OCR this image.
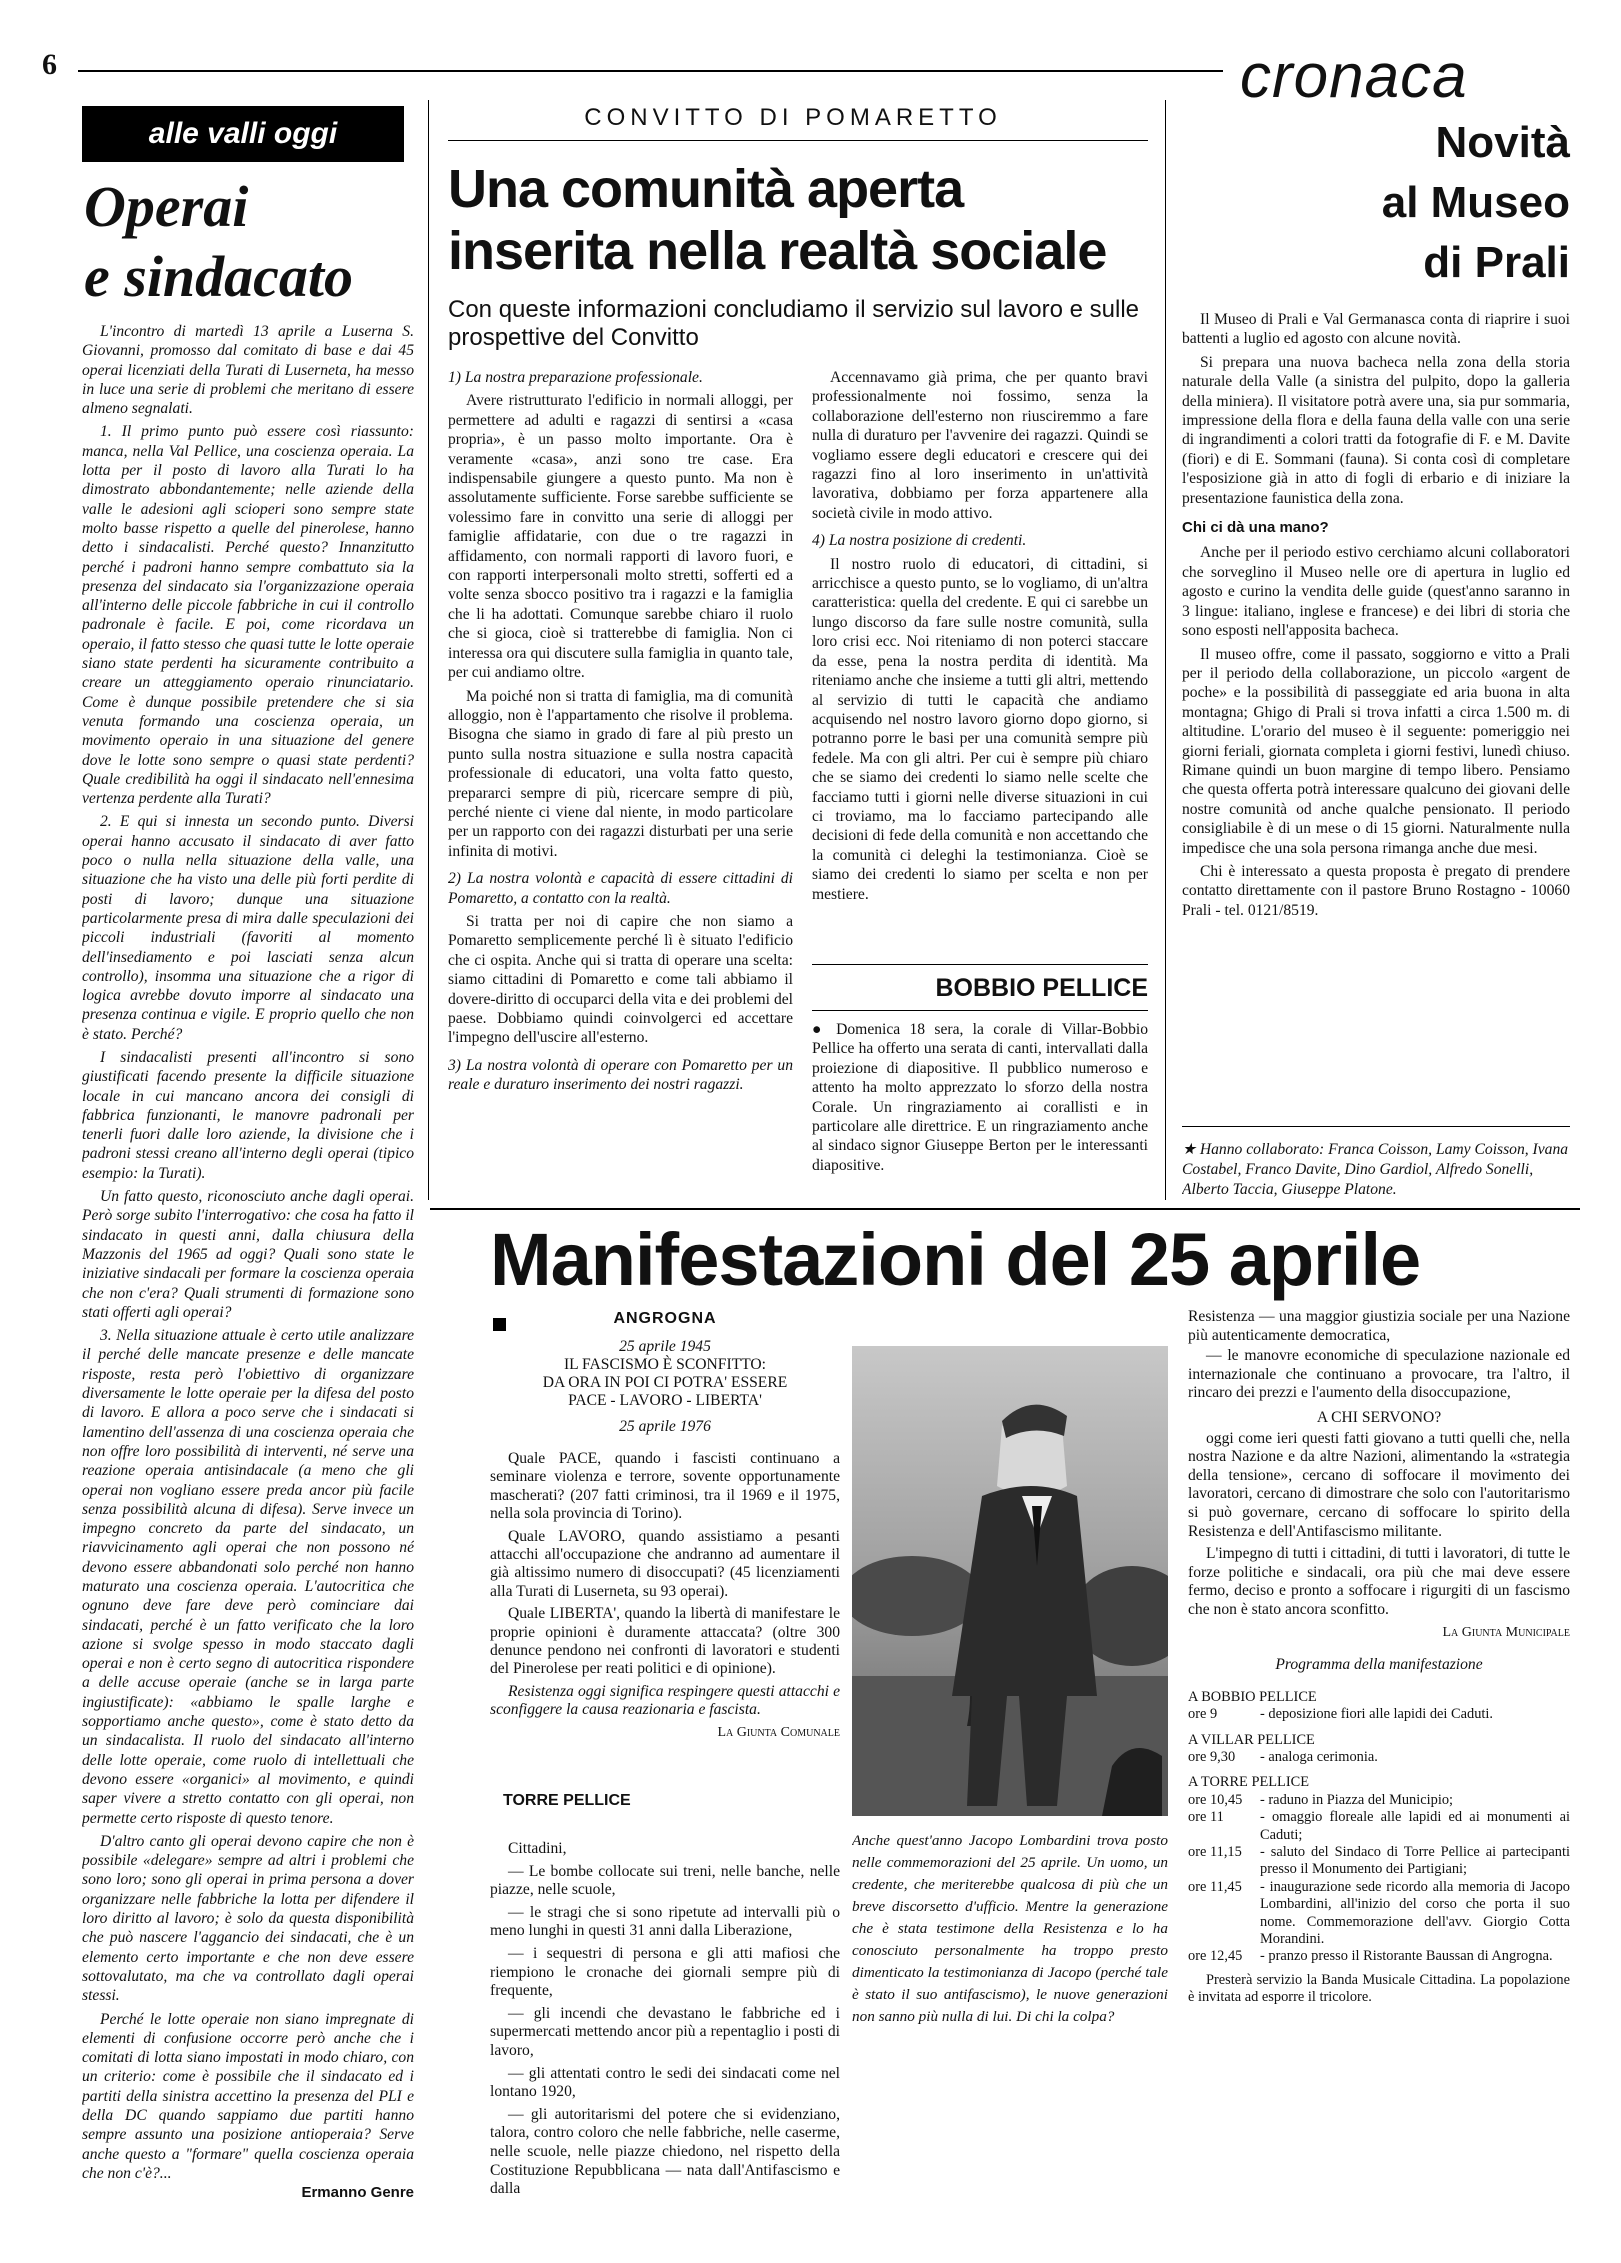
6	cronaca
alle valli oggi
Operai
e sindacato

L'incontro di martedì 13 aprile a Luserna S. Giovanni, promosso dal comitato di base e dai 45 operai licenziati della Turati di Luserneta, ha messo in luce una serie di problemi che meritano di essere almeno segnalati.

1. Il primo punto può essere così riassunto: manca, nella Val Pellice, una coscienza operaia. La lotta per il posto di lavoro alla Turati lo ha dimostrato abbondantemente; nelle aziende della valle le adesioni agli scioperi sono sempre state molto basse rispetto a quelle del pinerolese, hanno detto i sindacalisti. Perché questo? Innanzitutto perché i padroni hanno sempre combattuto sia la presenza del sindacato sia l'organizzazione operaia all'interno delle piccole fabbriche in cui il controllo padronale è facile. E poi, come ricordava un operaio, il fatto stesso che quasi tutte le lotte operaie siano state perdenti ha sicuramente contribuito a creare un atteggiamento operaio rinunciatario. Come è dunque possibile pretendere che si sia venuta formando una coscienza operaia, un movimento operaio in una situazione del genere dove le lotte sono sempre o quasi state perdenti? Quale credibilità ha oggi il sindacato nell'ennesima vertenza perdente alla Turati?

2. E qui si innesta un secondo punto. Diversi operai hanno accusato il sindacato di aver fatto poco o nulla nella situazione della valle, una situazione che ha visto una delle più forti perdite di posti di lavoro; dunque una situazione particolarmente presa di mira dalle speculazioni dei piccoli industriali (favoriti al momento dell'insediamento e poi lasciati senza alcun controllo), insomma una situazione che a rigor di logica avrebbe dovuto imporre al sindacato una presenza continua e vigile. E proprio quello che non è stato. Perché?

I sindacalisti presenti all'incontro si sono giustificati facendo presente la difficile situazione locale in cui mancano ancora dei consigli di fabbrica funzionanti, le manovre padronali per tenerli fuori dalle loro aziende, la divisione che i padroni stessi creano all'interno degli operai (tipico esempio: la Turati).

Un fatto questo, riconosciuto anche dagli operai. Però sorge subito l'interrogativo: che cosa ha fatto il sindacato in questi anni, dalla chiusura della Mazzonis del 1965 ad oggi? Quali sono state le iniziative sindacali per formare la coscienza operaia che non c'era? Quali strumenti di formazione sono stati offerti agli operai?

3. Nella situazione attuale è certo utile analizzare il perché delle mancate presenze e delle mancate risposte, resta però l'obiettivo di organizzare diversamente le lotte operaie per la difesa del posto di lavoro. E allora a poco serve che i sindacati si lamentino dell'assenza di una coscienza operaia che non offre loro possibilità di interventi, né serve una reazione operaia antisindacale (a meno che gli operai non vogliano essere preda ancor più facile senza possibilità alcuna di difesa). Serve invece un impegno concreto da parte del sindacato, un riavvicinamento agli operai che non possono né devono essere abbandonati solo perché non hanno maturato una coscienza operaia. L'autocritica che ognuno deve fare deve però cominciare dai sindacati, perché è un fatto verificato che la loro azione si svolge spesso in modo staccato dagli operai e non è certo segno di autocritica rispondere a delle accuse operaie (anche se in larga parte ingiustificate): «abbiamo le spalle larghe e sopportiamo anche questo», come è stato detto da un sindacalista. Il ruolo del sindacato all'interno delle lotte operaie, come ruolo di intellettuali che devono essere «organici» al movimento, e quindi saper vivere a stretto contatto con gli operai, non permette certo risposte di questo tenore.

D'altro canto gli operai devono capire che non è possibile «delegare» sempre ad altri i problemi che sono loro; sono gli operai in prima persona a dover organizzare nelle fabbriche la lotta per difendere il loro diritto al lavoro; è solo da questa disponibilità che può nascere l'aggancio dei sindacati, che è un elemento certo importante e che non deve essere sottovalutato, ma che va controllato dagli operai stessi.

Perché le lotte operaie non siano impregnate di elementi di confusione occorre però anche che i comitati di lotta siano impostati in modo chiaro, con un criterio: come è possibile che il sindacato ed i partiti della sinistra accettino la presenza del PLI e della DC quando sappiamo due partiti hanno sempre assunto una posizione antioperaia? Serve anche questo a "formare" quella coscienza operaia che non c'è?...

Ermanno Genre
CONVITTO DI POMARETTO
Una comunità aperta
inserita nella realtà sociale
Con queste informazioni concludiamo il servizio sul lavoro e sulle prospettive del Convitto

1) La nostra preparazione professionale.

Avere ristrutturato l'edificio in normali alloggi, per permettere ad adulti e ragazzi di sentirsi a «casa propria», è un passo molto importante. Ora è veramente «casa», anzi sono tre case. Era indispensabile giungere a questo punto. Ma non è assolutamente sufficiente. Forse sarebbe sufficiente se volessimo fare in convitto una serie di alloggi per famiglie affidatarie, con due o tre ragazzi in affidamento, con normali rapporti di lavoro fuori, e con rapporti interpersonali molto stretti, sofferti ed a volte senza sbocco positivo tra i ragazzi e la famiglia che li ha adottati. Comunque sarebbe chiaro il ruolo che si gioca, cioè si tratterebbe di famiglia. Non ci interessa ora qui discutere sulla famiglia in quanto tale, per cui andiamo oltre.

Ma poiché non si tratta di famiglia, ma di comunità alloggio, non è l'appartamento che risolve il problema. Bisogna che siamo in grado di fare al più presto un punto sulla nostra situazione e sulla nostra capacità professionale di educatori, una volta fatto questo, prepararci sempre di più, ricercare sempre di più, perché niente ci viene dal niente, in modo particolare per un rapporto con dei ragazzi disturbati per una serie infinita di motivi.

2) La nostra volontà e capacità di essere cittadini di Pomaretto, a contatto con la realtà.

Si tratta per noi di capire che non siamo a Pomaretto semplicemente perché lì è situato l'edificio che ci ospita. Anche qui si tratta di operare una scelta: siamo cittadini di Pomaretto e come tali abbiamo il dovere-diritto di occuparci della vita e dei problemi del paese. Dobbiamo quindi coinvolgerci ed accettare l'impegno dell'uscire all'esterno.

3) La nostra volontà di operare con Pomaretto per un reale e duraturo inserimento dei nostri ragazzi.

Accennavamo già prima, che per quanto bravi professionalmente noi fossimo, senza la collaborazione dell'esterno non riusciremmo a fare nulla di duraturo per l'avvenire dei ragazzi. Quindi se vogliamo essere degli educatori e crescere qui dei ragazzi fino al loro inserimento in un'attività lavorativa, dobbiamo per forza appartenere alla società civile in modo attivo.

4) La nostra posizione di credenti.

Il nostro ruolo di educatori, di cittadini, si arricchisce a questo punto, se lo vogliamo, di un'altra caratteristica: quella del credente. E qui ci sarebbe un lungo discorso da fare sulle nostre comunità, sulla loro crisi ecc. Noi riteniamo di non poterci staccare da esse, pena la nostra perdita di identità. Ma riteniamo anche che insieme a tutti gli altri, mettendo al servizio di tutti le capacità che andiamo acquisendo nel nostro lavoro giorno dopo giorno, si potranno porre le basi per una comunità sempre più fedele. Ma con gli altri. Per cui è sempre più chiaro che se siamo dei credenti lo siamo nelle scelte che facciamo tutti i giorni nelle diverse situazioni in cui ci troviamo, ma lo facciamo partecipando alle decisioni di fede della comunità e non accettando che la comunità ci deleghi la testimonianza. Cioè se siamo dei credenti lo siamo per scelta e non per mestiere.

BOBBIO PELLICE
● Domenica 18 sera, la corale di Villar-Bobbio Pellice ha offerto una serata di canti, intervallati dalla proiezione di diapositive. Il pubblico numeroso e attento ha molto apprezzato lo sforzo della nostra Corale. Un ringraziamento ai corallisti e in particolare alle direttrice. E un ringraziamento anche al sindaco signor Giuseppe Berton per le interessanti diapositive.
Novità
al Museo
di Prali

Il Museo di Prali e Val Germanasca conta di riaprire i suoi battenti a luglio ed agosto con alcune novità.

Si prepara una nuova bacheca nella zona della storia naturale della Valle (a sinistra del pulpito, dopo la galleria della miniera). Il visitatore potrà avere una, sia pur sommaria, impressione della flora e della fauna della valle con una serie di ingrandimenti a colori tratti da fotografie di F. e M. Davite (fiori) e di E. Sommani (fauna). Si conta così di completare l'esposizione già in atto di fogli di erbario e di iniziare la presentazione faunistica della zona.

Chi ci dà una mano?

Anche per il periodo estivo cerchiamo alcuni collaboratori che sorveglino il Museo nelle ore di apertura in luglio ed agosto e curino la vendita delle guide (quest'anno saranno in 3 lingue: italiano, inglese e francese) e dei libri di storia che sono esposti nell'apposita bacheca.

Il museo offre, come il passato, soggiorno e vitto a Prali per il periodo della collaborazione, un piccolo «argent de poche» e la possibilità di passeggiate ed aria buona in alta montagna; Ghigo di Prali si trova infatti a circa 1.500 m. di altitudine. L'orario del museo è il seguente: pomeriggio nei giorni feriali, giornata completa i giorni festivi, lunedì chiuso. Rimane quindi un buon margine di tempo libero. Pensiamo che questa offerta potrà interessare qualcuno dei giovani delle nostre comunità od anche qualche pensionato. Il periodo consigliabile è di un mese o di 15 giorni. Naturalmente nulla impedisce che una sola persona rimanga anche due mesi.

Chi è interessato a questa proposta è pregato di prendere contatto direttamente con il pastore Bruno Rostagno - 10060 Prali - tel. 0121/8519.

★ Hanno collaborato: Franca Coisson, Lamy Coisson, Ivana Costabel, Franco Davite, Dino Gardiol, Alfredo Sonelli, Alberto Taccia, Giuseppe Platone.
Manifestazioni del 25 aprile
ANGROGNA
25 aprile 1945
IL FASCISMO È SCONFITTO:
DA ORA IN POI CI POTRA' ESSERE
PACE - LAVORO - LIBERTA'
25 aprile 1976

Quale PACE, quando i fascisti continuano a seminare violenza e terrore, sovente opportunamente mascherati? (207 fatti criminosi, tra il 1969 e il 1975, nella sola provincia di Torino).

Quale LAVORO, quando assistiamo a pesanti attacchi all'occupazione che andranno ad aumentare il già altissimo numero di disoccupati? (45 licenziamenti alla Turati di Luserneta, su 93 operai).

Quale LIBERTA', quando la libertà di manifestare le proprie opinioni è duramente attaccata? (oltre 300 denunce pendono nei confronti di lavoratori e studenti del Pinerolese per reati politici e di opinione).

Resistenza oggi significa respingere questi attacchi e sconfiggere la causa reazionaria e fascista.

La Giunta Comunale
TORRE PELLICE

Cittadini,

— Le bombe collocate sui treni, nelle banche, nelle piazze, nelle scuole,

— le stragi che si sono ripetute ad intervalli più o meno lunghi in questi 31 anni dalla Liberazione,

— i sequestri di persona e gli atti mafiosi che riempiono le cronache dei giornali sempre più di frequente,

— gli incendi che devastano le fabbriche ed i supermercati mettendo ancor più a repentaglio i posti di lavoro,

— gli attentati contro le sedi dei sindacati come nel lontano 1920,

— gli autoritarismi del potere che si evidenziano, talora, contro coloro che nelle fabbriche, nelle caserme, nelle scuole, nelle piazze chiedono, nel rispetto della Costituzione Repubblicana — nata dall'Antifascismo e dalla

Anche quest'anno Jacopo Lombardini trova posto nelle commemorazioni del 25 aprile. Un uomo, un credente, che meriterebbe qualcosa di più che un breve discorsetto d'ufficio. Mentre la generazione che è stata testimone della Resistenza e lo ha conosciuto personalmente ha troppo presto dimenticato la testimonianza di Jacopo (perché tale è stato il suo antifascismo), le nuove generazioni non sanno più nulla di lui. Di chi la colpa?

Resistenza — una maggior giustizia sociale per una Nazione più autenticamente democratica,

— le manovre economiche di speculazione nazionale ed internazionale che continuano a provocare, tra l'altro, il rincaro dei prezzi e l'aumento della disoccupazione,

A CHI SERVONO?

oggi come ieri questi fatti giovano a tutti quelli che, nella nostra Nazione e da altre Nazioni, alimentando la «strategia della tensione», cercano di soffocare il movimento dei lavoratori, cercano di dimostrare che solo con l'autoritarismo si può governare, cercano di soffocare lo spirito della Resistenza e dell'Antifascismo militante.

L'impegno di tutti i cittadini, di tutti i lavoratori, di tutte le forze politiche e sindacali, ora più che mai deve essere fermo, deciso e pronto a soffocare i rigurgiti di un fascismo che non è stato ancora sconfitto.

La Giunta Municipale
Programma della manifestazione
A BOBBIO PELLICE
ore 9	- deposizione fiori alle lapidi dei Caduti.
A VILLAR PELLICE
ore 9,30	- analoga cerimonia.
A TORRE PELLICE
ore 10,45	- raduno in Piazza del Municipio;
ore 11	- omaggio floreale alle lapidi ed ai monumenti ai Caduti;
ore 11,15	- saluto del Sindaco di Torre Pellice ai partecipanti presso il Monumento dei Partigiani;
ore 11,45	- inaugurazione sede ricordo alla memoria di Jacopo Lombardini, all'inizio del corso che porta il suo nome. Commemorazione dell'avv. Giorgio Cotta Morandini.
ore 12,45	- pranzo presso il Ristorante Baussan di Angrogna.

Presterà servizio la Banda Musicale Cittadina. La popolazione è invitata ad esporre il tricolore.
